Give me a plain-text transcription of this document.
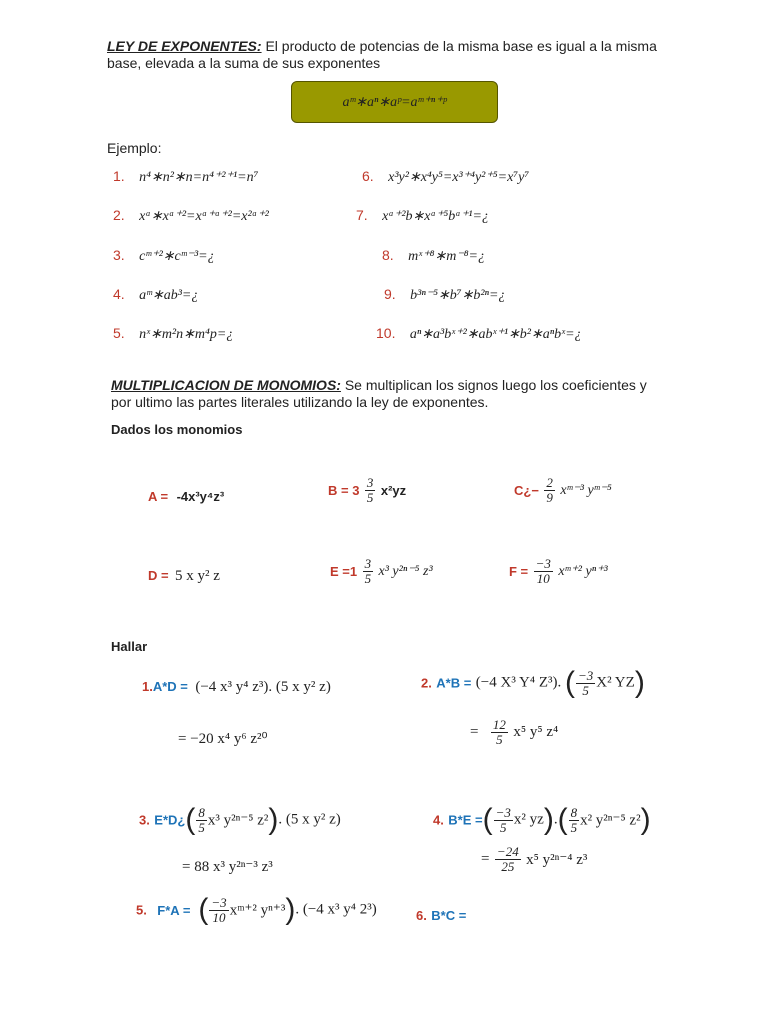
LEY DE EXPONENTES: El producto de potencias de la misma base es igual a la misma
base, elevada a la suma de sus exponentes
aᵐ∗aⁿ∗aᵖ=aᵐ⁺ⁿ⁺ᵖ
Ejemplo:
1. n⁴∗n²∗n=n⁴⁺²⁺¹=n⁷
2. xᵃ∗xᵃ⁺²=xᵃ⁺ᵃ⁺²=x²ᵃ⁺²
3. cᵐ⁺²∗cᵐ⁻³=¿
4. aᵐ∗ab³=¿
5. nˣ∗m²n∗m⁴p=¿
6. x³y²∗x⁴y⁵=x³⁺⁴y²⁺⁵=x⁷y⁷
7. xᵃ⁺²b∗xᵃ⁺⁵bᵃ⁺¹=¿
8. mˣ⁺⁸∗m⁻⁸=¿
9. b³ⁿ⁻⁵∗b⁷∗b²ⁿ=¿
10. aⁿ∗a³bˣ⁺²∗abˣ⁺¹∗b²∗aⁿbˣ=¿
MULTIPLICACION DE MONOMIOS: Se multiplican los signos luego los coeficientes y
por ultimo las partes literales utilizando la ley de exponentes.
Dados los monomios
A = -4x³y⁴z³	$B = 3 \frac{3}{5} x^2yz$	C¿− $\frac{2}{9}$ xᵐ⁻³ yᵐ⁻⁵
D = 5 x y² z	$E =1 \frac{3}{5} x^3$ y²ⁿ⁻⁵ z³	$F = \frac{-3}{10}$ xᵐ⁺² yⁿ⁺³
Hallar
1.A*D = (−4 x³ y⁴ z³). (5 x y² z)
= −20 x⁴ y⁶ z²⁰
2. A*B = (−4 X³ Y⁴ Z³). ( $\frac{-3}{5} X^2$ YZ)
= $\frac{12}{5} x^5$ y⁵ z⁴
3. E*D¿( $\frac{8}{5} x^3$ y²ⁿ⁻⁵ z²). (5 x y² z)
= 88 x³ y²ⁿ⁻³ z³
4. B*E =( $\frac{-3}{5} x^2$ $yz).( \frac{8}{5} x^2$ y²ⁿ⁻⁵ z²)
= $\frac{-24}{25} x^5$ y²ⁿ⁻⁴ z³
5. F*A = ( $\frac{-3}{10}$ xᵐ⁺² yⁿ⁺³). (−4 x³ y⁴ 2³)	6. B*C =
